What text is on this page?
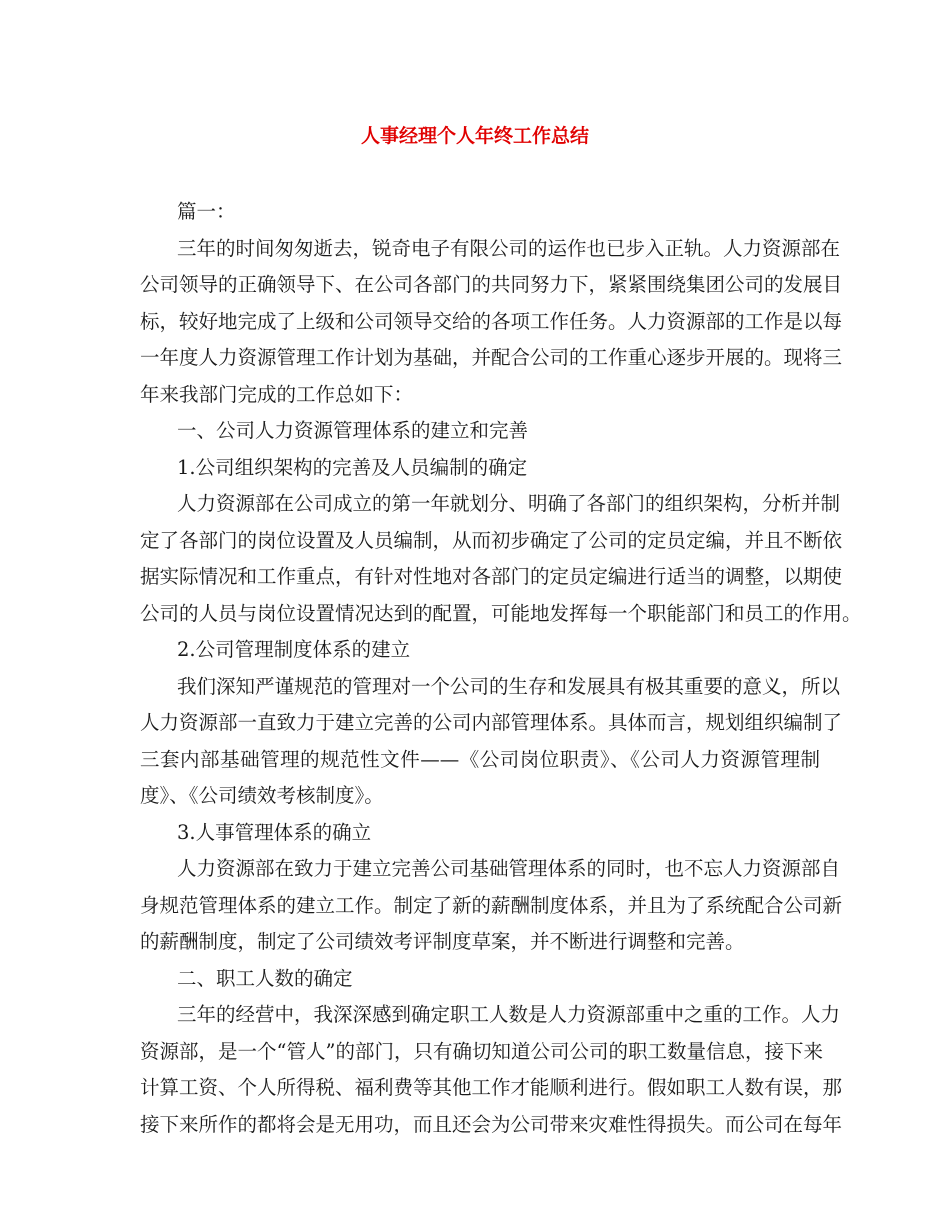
人事经理个人年终工作总结
篇一：
三年的时间匆匆逝去，锐奇电子有限公司的运作也已步入正轨。人力资源部在
公司领导的正确领导下、在公司各部门的共同努力下，紧紧围绕集团公司的发展目
标，较好地完成了上级和公司领导交给的各项工作任务。人力资源部的工作是以每
一年度人力资源管理工作计划为基础，并配合公司的工作重心逐步开展的。现将三
年来我部门完成的工作总如下：
一、公司人力资源管理体系的建立和完善
1.公司组织架构的完善及人员编制的确定
人力资源部在公司成立的第一年就划分、明确了各部门的组织架构，分析并制
定了各部门的岗位设置及人员编制，从而初步确定了公司的定员定编，并且不断依
据实际情况和工作重点，有针对性地对各部门的定员定编进行适当的调整，以期使
公司的人员与岗位设置情况达到的配置，可能地发挥每一个职能部门和员工的作用。
2.公司管理制度体系的建立
我们深知严谨规范的管理对一个公司的生存和发展具有极其重要的意义，所以
人力资源部一直致力于建立完善的公司内部管理体系。具体而言，规划组织编制了
三套内部基础管理的规范性文件——《公司岗位职责》、《公司人力资源管理制
度》、《公司绩效考核制度》。
3.人事管理体系的确立
人力资源部在致力于建立完善公司基础管理体系的同时，也不忘人力资源部自
身规范管理体系的建立工作。制定了新的薪酬制度体系，并且为了系统配合公司新
的薪酬制度，制定了公司绩效考评制度草案，并不断进行调整和完善。
二、职工人数的确定
三年的经营中，我深深感到确定职工人数是人力资源部重中之重的工作。人力
资源部，是一个“管人”的部门，只有确切知道公司公司的职工数量信息，接下来
计算工资、个人所得税、福利费等其他工作才能顺利进行。假如职工人数有误，那
接下来所作的都将会是无用功，而且还会为公司带来灾难性得损失。而公司在每年
